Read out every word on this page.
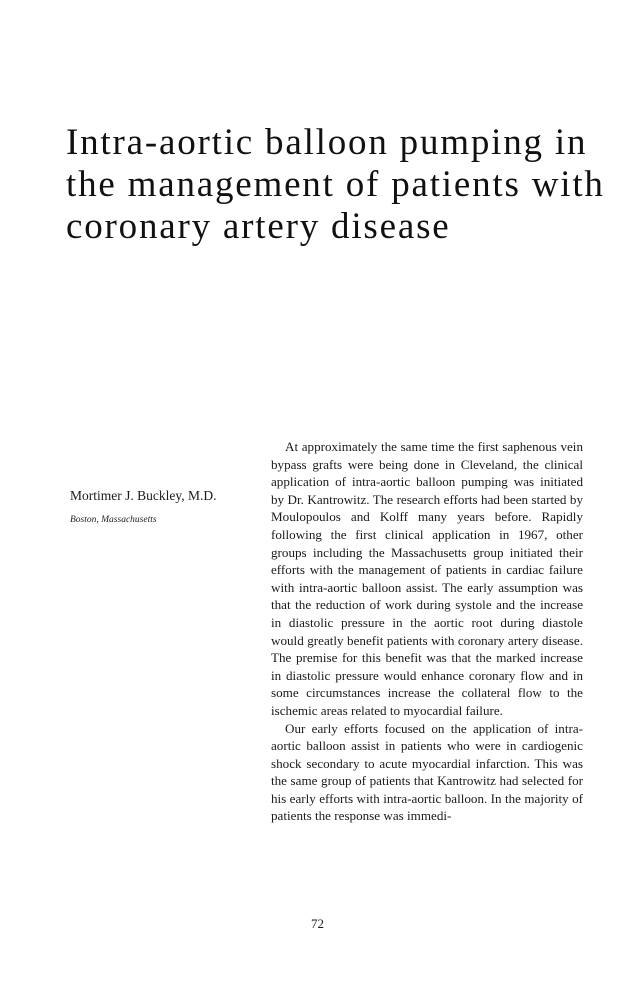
Intra-aortic balloon pumping in
the management of patients with
coronary artery disease
Mortimer J. Buckley, M.D.
Boston, Massachusetts

At approximately the same time the first saphenous vein bypass grafts were being done in Cleveland, the clinical application of intra-aortic balloon pumping was initiated by Dr. Kantrowitz. The research efforts had been started by Moulopoulos and Kolff many years before. Rapidly following the first clinical application in 1967, other groups including the Massachusetts group initiated their efforts with the management of patients in cardiac failure with intra-aortic balloon assist. The early assumption was that the reduction of work during systole and the increase in diastolic pressure in the aortic root during diastole would greatly benefit patients with coronary artery disease. The premise for this benefit was that the marked increase in diastolic pressure would enhance coronary flow and in some circumstances increase the collateral flow to the ischemic areas related to myocardial failure.

Our early efforts focused on the application of intra-aortic balloon assist in patients who were in cardiogenic shock secondary to acute myocardial infarction. This was the same group of patients that Kantrowitz had selected for his early efforts with intra-aortic balloon. In the majority of patients the response was immedi-

72
